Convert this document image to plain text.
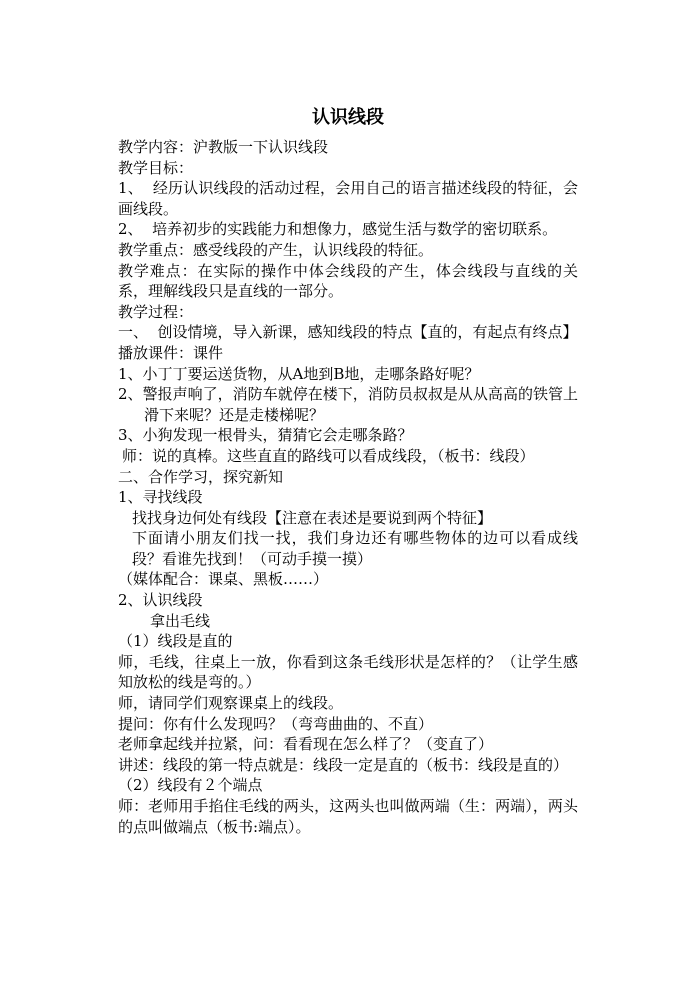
认识线段

教学内容：沪教版一下认识线段

教学目标：

1、  经历认识线段的活动过程，会用自己的语言描述线段的特征，会画线段。

2、  培养初步的实践能力和想像力，感觉生活与数学的密切联系。

教学重点：感受线段的产生，认识线段的特征。

教学难点：在实际的操作中体会线段的产生，体会线段与直线的关系，理解线段只是直线的一部分。

教学过程：

一、  创设情境，导入新课，感知线段的特点【直的，有起点有终点】

播放课件：课件

1、小丁丁要运送货物，从A地到B地，走哪条路好呢？

2、警报声响了，消防车就停在楼下，消防员叔叔是从从高高的铁管上滑下来呢？还是走楼梯呢？

3、小狗发现一根骨头，猜猜它会走哪条路？

师：说的真棒。这些直直的路线可以看成线段，（板书：线段）

二、合作学习，探究新知

1、寻找线段

找找身边何处有线段【注意在表述是要说到两个特征】

下面请小朋友们找一找，我们身边还有哪些物体的边可以看成线段？看谁先找到！（可动手摸一摸）

（媒体配合：课桌、黑板……）

2、认识线段

拿出毛线

（1）线段是直的

师，毛线，往桌上一放，你看到这条毛线形状是怎样的？（让学生感知放松的线是弯的。）

师，请同学们观察课桌上的线段。

提问：你有什么发现吗？（弯弯曲曲的、不直）

老师拿起线并拉紧，问：看看现在怎么样了？（变直了）

讲述：线段的第一特点就是：线段一定是直的（板书：线段是直的）

（2）线段有２个端点

师：老师用手掐住毛线的两头，这两头也叫做两端（生：两端），两头的点叫做端点（板书:端点）。
